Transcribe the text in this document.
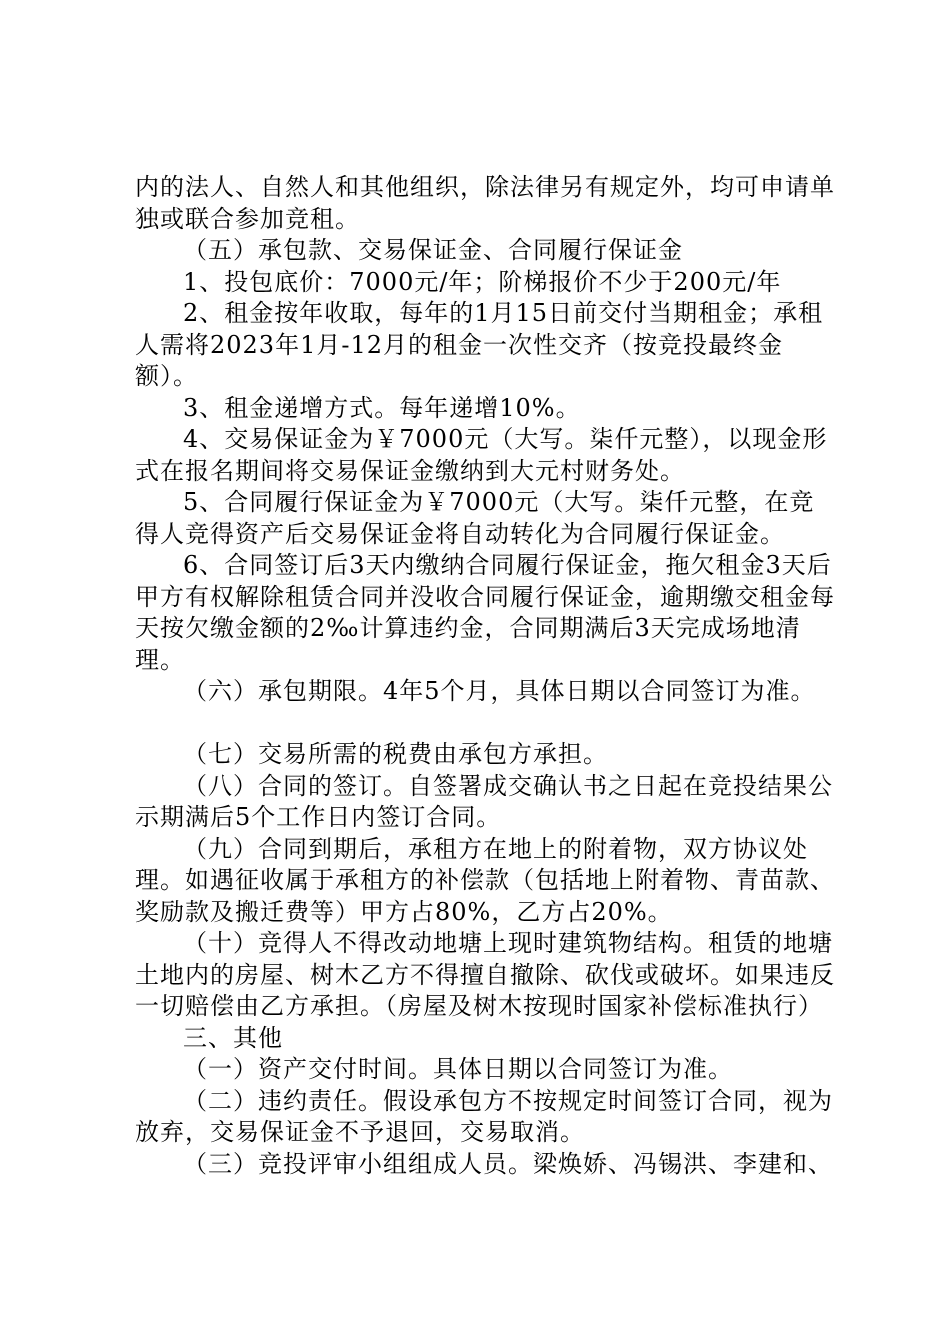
内的法人、自然人和其他组织，除法律另有规定外，均可申请单独或联合参加竞租。

（五）承包款、交易保证金、合同履行保证金

1、投包底价：7000元/年；阶梯报价不少于200元/年

2、租金按年收取，每年的1月15日前交付当期租金；承租人需将2023年1月-12月的租金一次性交齐（按竞投最终金额）。

3、租金递增方式。每年递增10%。

4、交易保证金为￥7000元（大写。柒仟元整），以现金形式在报名期间将交易保证金缴纳到大元村财务处。

5、合同履行保证金为￥7000元（大写。柒仟元整，在竞得人竞得资产后交易保证金将自动转化为合同履行保证金。

6、合同签订后3天内缴纳合同履行保证金，拖欠租金3天后甲方有权解除租赁合同并没收合同履行保证金，逾期缴交租金每天按欠缴金额的2‰计算违约金，合同期满后3天完成场地清理。

（六）承包期限。4年5个月，具体日期以合同签订为准。

（七）交易所需的税费由承包方承担。

（八）合同的签订。自签署成交确认书之日起在竞投结果公示期满后5个工作日内签订合同。

（九）合同到期后，承租方在地上的附着物，双方协议处理。如遇征收属于承租方的补偿款（包括地上附着物、青苗款、奖励款及搬迁费等）甲方占80%，乙方占20%。

（十）竞得人不得改动地塘上现时建筑物结构。租赁的地塘土地内的房屋、树木乙方不得擅自撤除、砍伐或破坏。如果违反一切赔偿由乙方承担。（房屋及树木按现时国家补偿标准执行）

三、其他

（一）资产交付时间。具体日期以合同签订为准。

（二）违约责任。假设承包方不按规定时间签订合同，视为放弃，交易保证金不予退回，交易取消。

（三）竞投评审小组组成人员。梁焕娇、冯锡洪、李建和、
